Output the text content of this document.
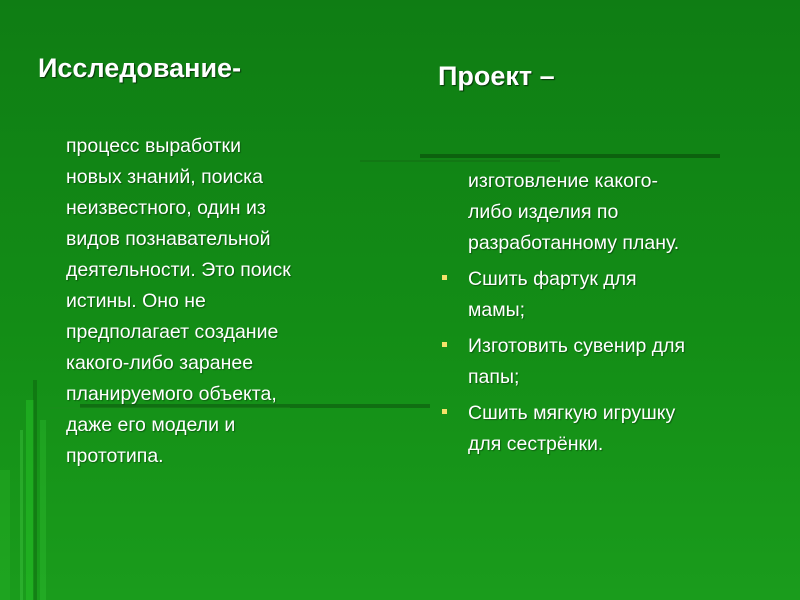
Исследование-
процесс выработки
новых знаний, поиска
неизвестного, один из
видов познавательной
деятельности. Это поиск
истины. Оно не
предполагает создание
какого-либо заранее
планируемого объекта,
даже его модели и
прототипа.
Проект –
изготовление какого-
либо изделия по
разработанному плану.
Сшить фартук для
мамы;
Изготовить сувенир для
папы;
Сшить мягкую игрушку
для сестрёнки.
